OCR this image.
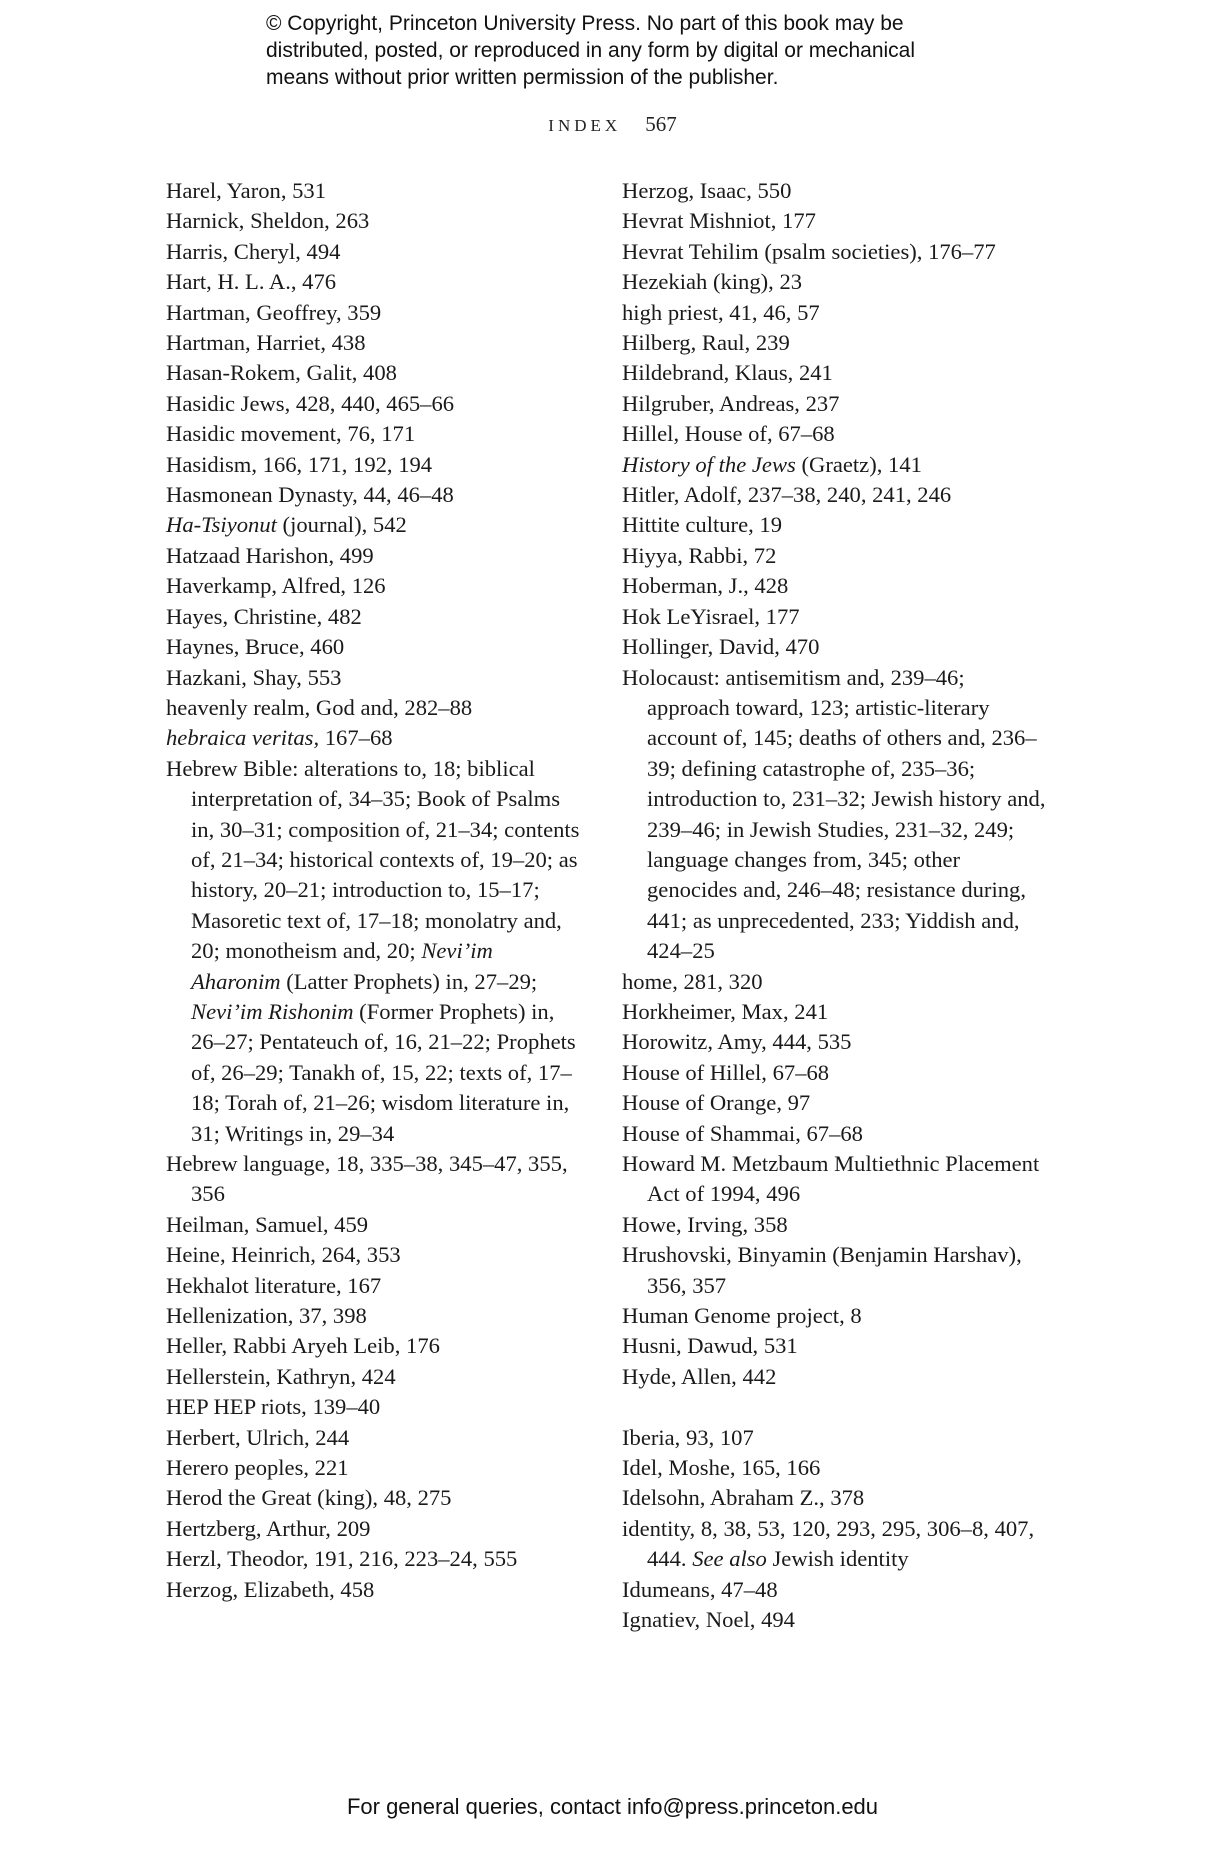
© Copyright, Princeton University Press. No part of this book may be
distributed, posted, or reproduced in any form by digital or mechanical
means without prior written permission of the publisher.
INDEX 567
Harel, Yaron, 531
Harnick, Sheldon, 263
Harris, Cheryl, 494
Hart, H. L. A., 476
Hartman, Geoffrey, 359
Hartman, Harriet, 438
Hasan-Rokem, Galit, 408
Hasidic Jews, 428, 440, 465–66
Hasidic movement, 76, 171
Hasidism, 166, 171, 192, 194
Hasmonean Dynasty, 44, 46–48
Ha-Tsiyonut (journal), 542
Hatzaad Harishon, 499
Haverkamp, Alfred, 126
Hayes, Christine, 482
Haynes, Bruce, 460
Hazkani, Shay, 553
heavenly realm, God and, 282–88
hebraica veritas, 167–68
Hebrew Bible: alterations to, 18; biblical interpretation of, 34–35; Book of Psalms in, 30–31; composition of, 21–34; contents of, 21–34; historical contexts of, 19–20; as history, 20–21; introduction to, 15–17; Masoretic text of, 17–18; monolatry and, 20; monotheism and, 20; Nevi’im Aharonim (Latter Prophets) in, 27–29; Nevi’im Rishonim (Former Prophets) in, 26–27; Pentateuch of, 16, 21–22; Prophets of, 26–29; Tanakh of, 15, 22; texts of, 17–18; Torah of, 21–26; wisdom literature in, 31; Writings in, 29–34
Hebrew language, 18, 335–38, 345–47, 355, 356
Heilman, Samuel, 459
Heine, Heinrich, 264, 353
Hekhalot literature, 167
Hellenization, 37, 398
Heller, Rabbi Aryeh Leib, 176
Hellerstein, Kathryn, 424
HEP HEP riots, 139–40
Herbert, Ulrich, 244
Herero peoples, 221
Herod the Great (king), 48, 275
Hertzberg, Arthur, 209
Herzl, Theodor, 191, 216, 223–24, 555
Herzog, Elizabeth, 458
Herzog, Isaac, 550
Hevrat Mishniot, 177
Hevrat Tehilim (psalm societies), 176–77
Hezekiah (king), 23
high priest, 41, 46, 57
Hilberg, Raul, 239
Hildebrand, Klaus, 241
Hilgruber, Andreas, 237
Hillel, House of, 67–68
History of the Jews (Graetz), 141
Hitler, Adolf, 237–38, 240, 241, 246
Hittite culture, 19
Hiyya, Rabbi, 72
Hoberman, J., 428
Hok LeYisrael, 177
Hollinger, David, 470
Holocaust: antisemitism and, 239–46; approach toward, 123; artistic-literary account of, 145; deaths of others and, 236–39; defining catastrophe of, 235–36; introduction to, 231–32; Jewish history and, 239–46; in Jewish Studies, 231–32, 249; language changes from, 345; other genocides and, 246–48; resistance during, 441; as unprecedented, 233; Yiddish and, 424–25
home, 281, 320
Horkheimer, Max, 241
Horowitz, Amy, 444, 535
House of Hillel, 67–68
House of Orange, 97
House of Shammai, 67–68
Howard M. Metzbaum Multiethnic Placement Act of 1994, 496
Howe, Irving, 358
Hrushovski, Binyamin (Benjamin Harshav), 356, 357
Human Genome project, 8
Husni, Dawud, 531
Hyde, Allen, 442
Iberia, 93, 107
Idel, Moshe, 165, 166
Idelsohn, Abraham Z., 378
identity, 8, 38, 53, 120, 293, 295, 306–8, 407, 444. See also Jewish identity
Idumeans, 47–48
Ignatiev, Noel, 494
For general queries, contact info@press.princeton.edu
